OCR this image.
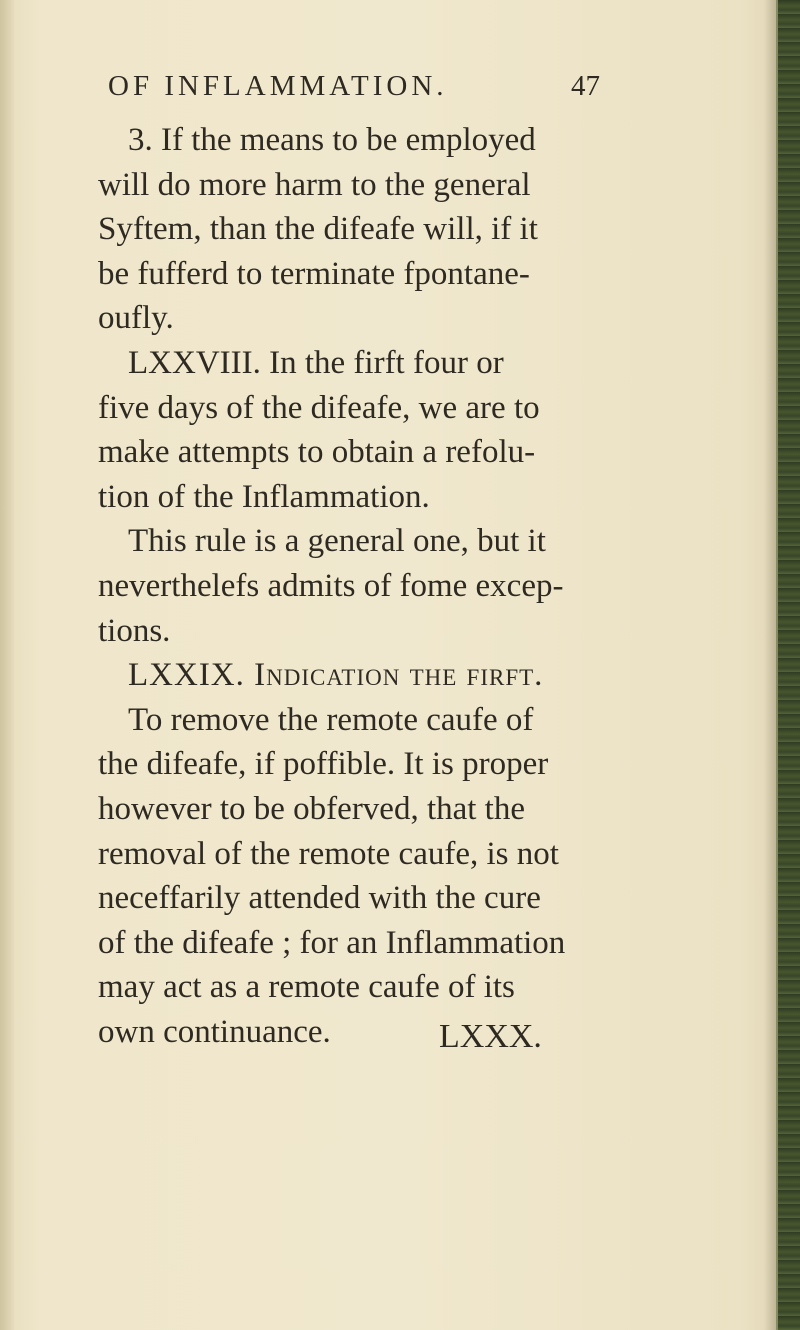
OF INFLAMMATION.	47
3. If the means to be employed
will do more harm to the general
Syftem, than the difeafe will, if it
be fufferd to terminate fpontane-
oufly.
LXXVIII. In the firft four or
five days of the difeafe, we are to
make attempts to obtain a refolu-
tion of the Inflammation.
This rule is a general one, but it
neverthelefs admits of fome excep-
tions.
LXXIX. Indication the firft.
To remove the remote caufe of
the difeafe, if poffible. It is proper
however to be obferved, that the
removal of the remote caufe, is not
neceffarily attended with the cure
of the difeafe ; for an Inflammation
may act as a remote caufe of its
own continuance.	LXXX.
